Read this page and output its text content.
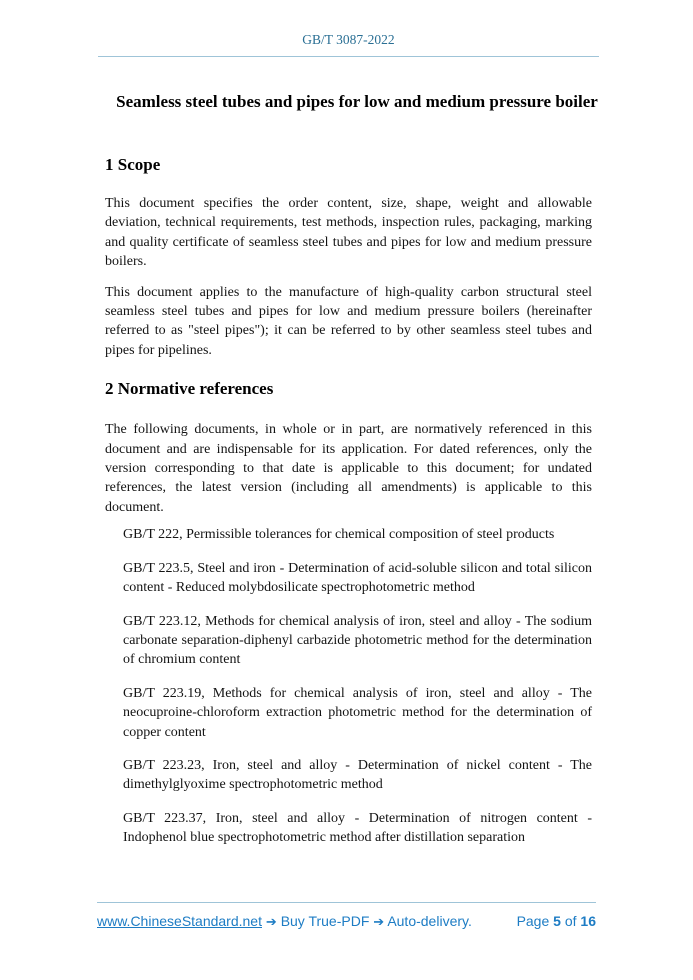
GB/T 3087-2022
Seamless steel tubes and pipes for low and medium pressure boiler
1 Scope

This document specifies the order content, size, shape, weight and allowable deviation, technical requirements, test methods, inspection rules, packaging, marking and quality certificate of seamless steel tubes and pipes for low and medium pressure boilers.

This document applies to the manufacture of high-quality carbon structural steel seamless steel tubes and pipes for low and medium pressure boilers (hereinafter referred to as "steel pipes"); it can be referred to by other seamless steel tubes and pipes for pipelines.

2 Normative references

The following documents, in whole or in part, are normatively referenced in this document and are indispensable for its application. For dated references, only the version corresponding to that date is applicable to this document; for undated references, the latest version (including all amendments) is applicable to this document.

GB/T 222, Permissible tolerances for chemical composition of steel products

GB/T 223.5, Steel and iron - Determination of acid-soluble silicon and total silicon content - Reduced molybdosilicate spectrophotometric method

GB/T 223.12, Methods for chemical analysis of iron, steel and alloy - The sodium carbonate separation-diphenyl carbazide photometric method for the determination of chromium content

GB/T 223.19, Methods for chemical analysis of iron, steel and alloy - The neocuproine-chloroform extraction photometric method for the determination of copper content

GB/T 223.23, Iron, steel and alloy - Determination of nickel content - The dimethylglyoxime spectrophotometric method

GB/T 223.37, Iron, steel and alloy - Determination of nitrogen content - Indophenol blue spectrophotometric method after distillation separation

www.ChineseStandard.net ➔ Buy True-PDF ➔ Auto-delivery.	Page 5 of 16
